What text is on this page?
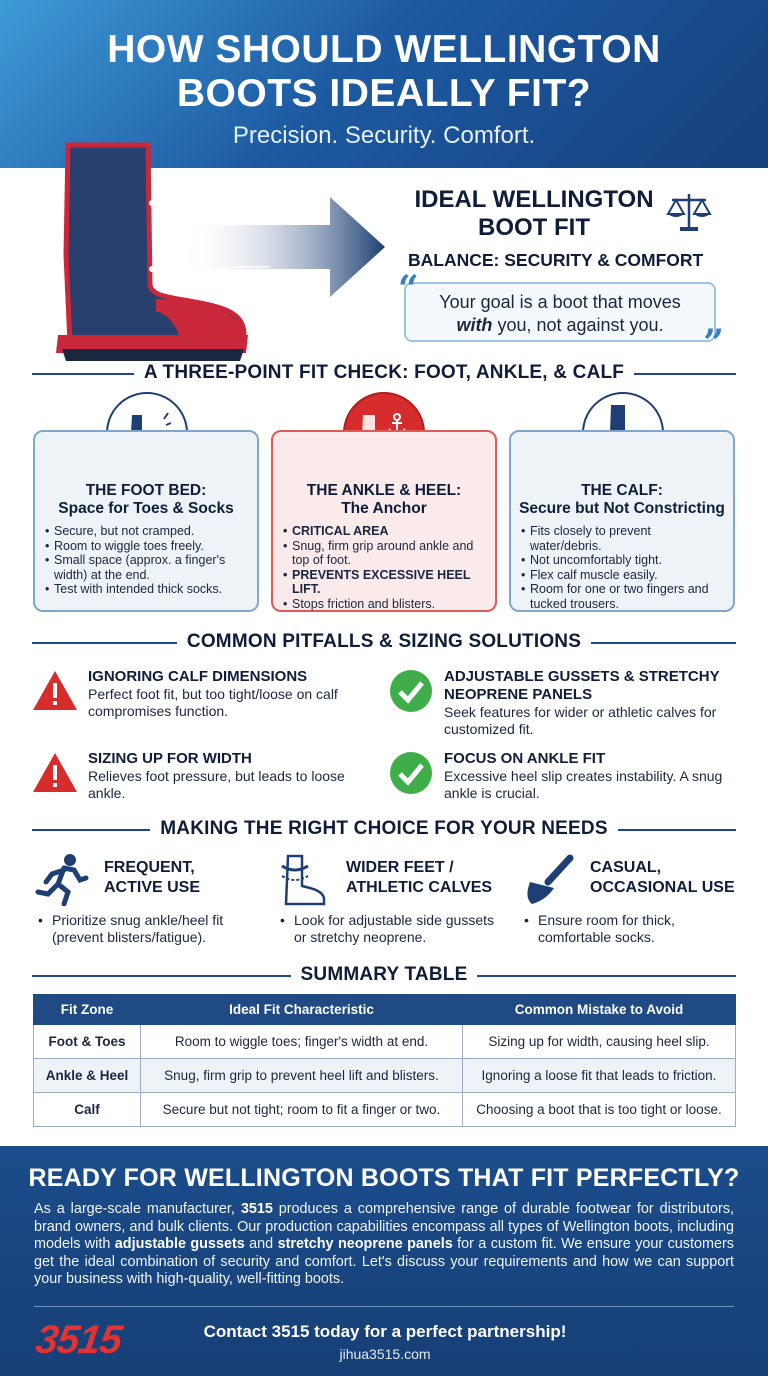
HOW SHOULD WELLINGTON
BOOTS IDEALLY FIT?
Precision. Security. Comfort.
IDEAL WELLINGTON
BOOT FIT
BALANCE: SECURITY & COMFORT
“	Your goal is a boot that moves
with you, not against you.	”
A THREE-POINT FIT CHECK: FOOT, ANKLE, & CALF
THE FOOT BED:
Space for Toes & Socks
• Secure, but not cramped.
• Room to wiggle toes freely.
• Small space (approx. a finger's width) at the end.
• Test with intended thick socks.
THE ANKLE & HEEL:
The Anchor
• CRITICAL AREA
• Snug, firm grip around ankle and top of foot.
• PREVENTS EXCESSIVE HEEL LIFT.
• Stops friction and blisters.
THE CALF:
Secure but Not Constricting
• Fits closely to prevent water/debris.
• Not uncomfortably tight.
• Flex calf muscle easily.
• Room for one or two fingers and tucked trousers.
COMMON PITFALLS & SIZING SOLUTIONS
IGNORING CALF DIMENSIONS

Perfect foot fit, but too tight/loose on calf compromises function.

ADJUSTABLE GUSSETS & STRETCHY NEOPRENE PANELS

Seek features for wider or athletic calves for customized fit.

SIZING UP FOR WIDTH

Relieves foot pressure, but leads to loose ankle.

FOCUS ON ANKLE FIT

Excessive heel slip creates instability. A snug ankle is crucial.

MAKING THE RIGHT CHOICE FOR YOUR NEEDS
FREQUENT,
ACTIVE USE

• Prioritize snug ankle/heel fit (prevent blisters/fatigue).

WIDER FEET /
ATHLETIC CALVES

• Look for adjustable side gussets or stretchy neoprene.

CASUAL,
OCCASIONAL USE

• Ensure room for thick, comfortable socks.

SUMMARY TABLE
Fit Zone	Ideal Fit Characteristic	Common Mistake to Avoid
Foot & Toes	Room to wiggle toes; finger's width at end.	Sizing up for width, causing heel slip.
Ankle & Heel	Snug, firm grip to prevent heel lift and blisters.	Ignoring a loose fit that leads to friction.
Calf	Secure but not tight; room to fit a finger or two.	Choosing a boot that is too tight or loose.
READY FOR WELLINGTON BOOTS THAT FIT PERFECTLY?

As a large-scale manufacturer, 3515 produces a comprehensive range of durable footwear for distributors, brand owners, and bulk clients. Our production capabilities encompass all types of Wellington boots, including models with adjustable gussets and stretchy neoprene panels for a custom fit. We ensure your customers get the ideal combination of security and comfort. Let's discuss your requirements and how we can support your business with high-quality, well-fitting boots.

3515	Contact 3515 today for a perfect partnership!
jihua3515.com
